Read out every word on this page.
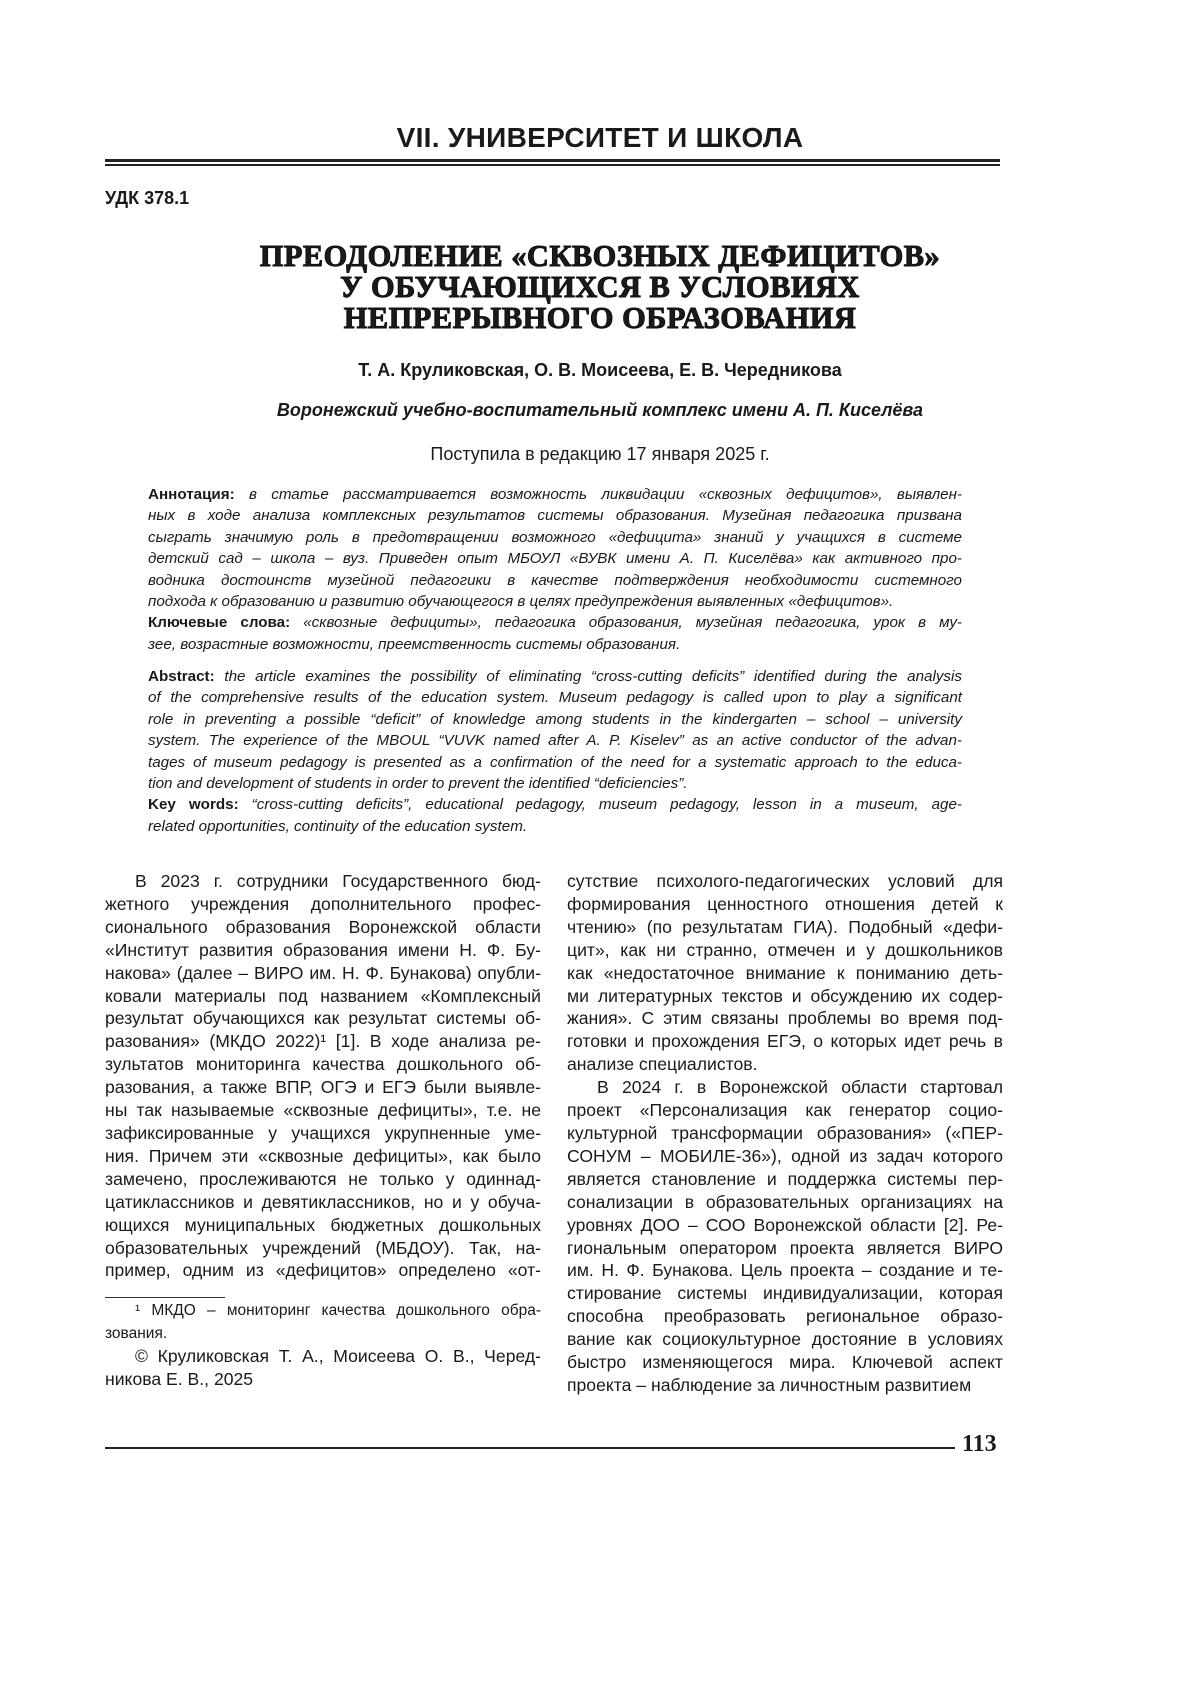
VII. УНИВЕРСИТЕТ И ШКОЛА
УДК 378.1
ПРЕОДОЛЕНИЕ «СКВОЗНЫХ ДЕФИЦИТОВ»
У ОБУЧАЮЩИХСЯ В УСЛОВИЯХ
НЕПРЕРЫВНОГО ОБРАЗОВАНИЯ
Т. А. Круликовская, О. В. Моисеева, Е. В. Чередникова
Воронежский учебно-воспитательный комплекс имени А. П. Киселёва
Поступила в редакцию 17 января 2025 г.
Аннотация: в статье рассматривается возможность ликвидации «сквозных дефицитов», выявлен-
ных в ходе анализа комплексных результатов системы образования. Музейная педагогика призвана
сыграть значимую роль в предотвращении возможного «дефицита» знаний у учащихся в системе
детский сад – школа – вуз. Приведен опыт МБОУЛ «ВУВК имени А. П. Киселёва» как активного про-
водника достоинств музейной педагогики в качестве подтверждения необходимости системного
подхода к образованию и развитию обучающегося в целях предупреждения выявленных «дефицитов».
Ключевые слова: «сквозные дефициты», педагогика образования, музейная педагогика, урок в му-
зее, возрастные возможности, преемственность системы образования.
Abstract: the article examines the possibility of eliminating “cross-cutting deficits” identified during the analysis
of the comprehensive results of the education system. Museum pedagogy is called upon to play a significant
role in preventing a possible “deficit” of knowledge among students in the kindergarten – school – university
system. The experience of the MBOUL “VUVK named after A. P. Kiselev” as an active conductor of the advan-
tages of museum pedagogy is presented as a confirmation of the need for a systematic approach to the educa-
tion and development of students in order to prevent the identified “deficiencies”.
Key words: “cross-cutting deficits”, educational pedagogy, museum pedagogy, lesson in a museum, age-
related opportunities, continuity of the education system.
В 2023 г. сотрудники Государственного бюд-
жетного учреждения дополнительного профес-
сионального образования Воронежской области
«Институт развития образования имени Н. Ф. Бу-
накова» (далее – ВИРО им. Н. Ф. Бунакова) опубли-
ковали материалы под названием «Комплексный
результат обучающихся как результат системы об-
разования» (МКДО 2022)¹ [1]. В ходе анализа ре-
зультатов мониторинга качества дошкольного об-
разования, а также ВПР, ОГЭ и ЕГЭ были выявле-
ны так называемые «сквозные дефициты», т.е. не
зафиксированные у учащихся укрупненные уме-
ния. Причем эти «сквозные дефициты», как было
замечено, прослеживаются не только у одиннад-
цатиклассников и девятиклассников, но и у обуча-
ющихся муниципальных бюджетных дошкольных
образовательных учреждений (МБДОУ). Так, на-
пример, одним из «дефицитов» определено «от-
сутствие психолого-педагогических условий для
формирования ценностного отношения детей к
чтению» (по результатам ГИА). Подобный «дефи-
цит», как ни странно, отмечен и у дошкольников
как «недостаточное внимание к пониманию деть-
ми литературных текстов и обсуждению их содер-
жания». С этим связаны проблемы во время под-
готовки и прохождения ЕГЭ, о которых идет речь в
анализе специалистов.
В 2024 г. в Воронежской области стартовал
проект «Персонализация как генератор социо-
культурной трансформации образования» («ПЕР-
СОНУМ – МОБИЛЕ-36»), одной из задач которого
является становление и поддержка системы пер-
сонализации в образовательных организациях на
уровнях ДОО – СОО Воронежской области [2]. Ре-
гиональным оператором проекта является ВИРО
им. Н. Ф. Бунакова. Цель проекта – создание и те-
стирование системы индивидуализации, которая
способна преобразовать региональное образо-
вание как социокультурное достояние в условиях
быстро изменяющегося мира. Ключевой аспект
проекта – наблюдение за личностным развитием
¹ МКДО – мониторинг качества дошкольного обра-
зования.
© Круликовская Т. А., Моисеева О. В., Черед-
никова Е. В., 2025
113
